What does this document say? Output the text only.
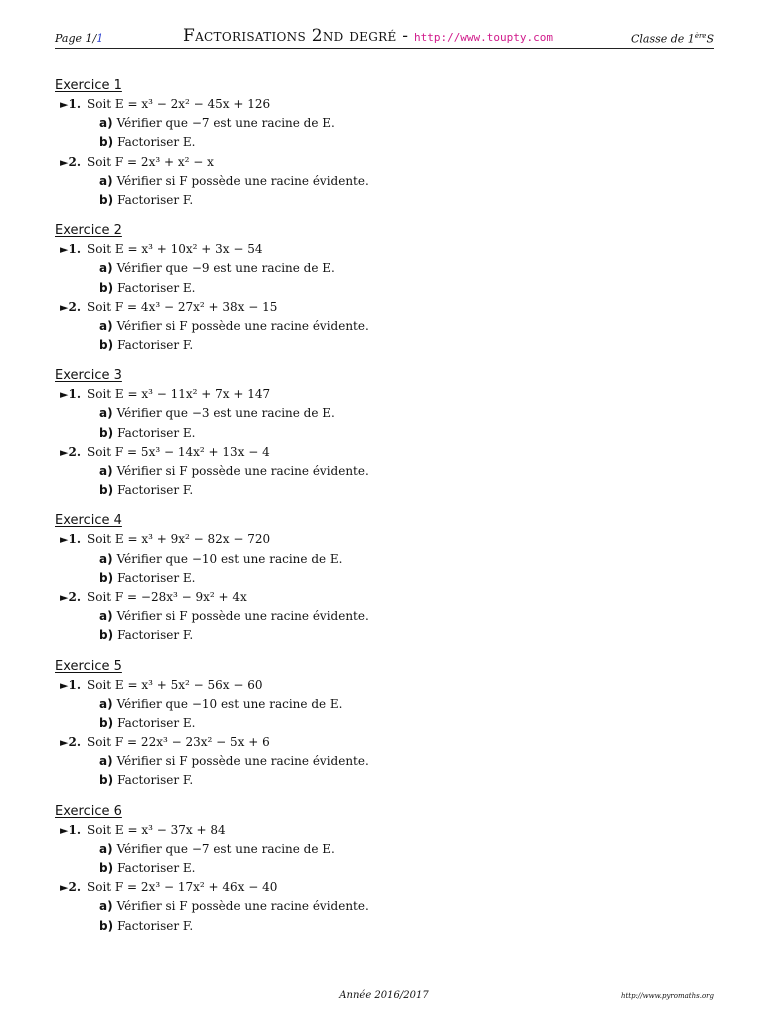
Page 1/1	Factorisations 2nd degré - http://www.toupty.com	Classe de 1èreS
Exercice 1
►1.  Soit E = x³ − 2x² − 45x + 126
a) Vérifier que −7 est une racine de E.
b) Factoriser E.
►2.  Soit F = 2x³ + x² − x
a) Vérifier si F possède une racine évidente.
b) Factoriser F.
Exercice 2
►1.  Soit E = x³ + 10x² + 3x − 54
a) Vérifier que −9 est une racine de E.
b) Factoriser E.
►2.  Soit F = 4x³ − 27x² + 38x − 15
a) Vérifier si F possède une racine évidente.
b) Factoriser F.
Exercice 3
►1.  Soit E = x³ − 11x² + 7x + 147
a) Vérifier que −3 est une racine de E.
b) Factoriser E.
►2.  Soit F = 5x³ − 14x² + 13x − 4
a) Vérifier si F possède une racine évidente.
b) Factoriser F.
Exercice 4
►1.  Soit E = x³ + 9x² − 82x − 720
a) Vérifier que −10 est une racine de E.
b) Factoriser E.
►2.  Soit F = −28x³ − 9x² + 4x
a) Vérifier si F possède une racine évidente.
b) Factoriser F.
Exercice 5
►1.  Soit E = x³ + 5x² − 56x − 60
a) Vérifier que −10 est une racine de E.
b) Factoriser E.
►2.  Soit F = 22x³ − 23x² − 5x + 6
a) Vérifier si F possède une racine évidente.
b) Factoriser F.
Exercice 6
►1.  Soit E = x³ − 37x + 84
a) Vérifier que −7 est une racine de E.
b) Factoriser E.
►2.  Soit F = 2x³ − 17x² + 46x − 40
a) Vérifier si F possède une racine évidente.
b) Factoriser F.
Année 2016/2017	http://www.pyromaths.org
